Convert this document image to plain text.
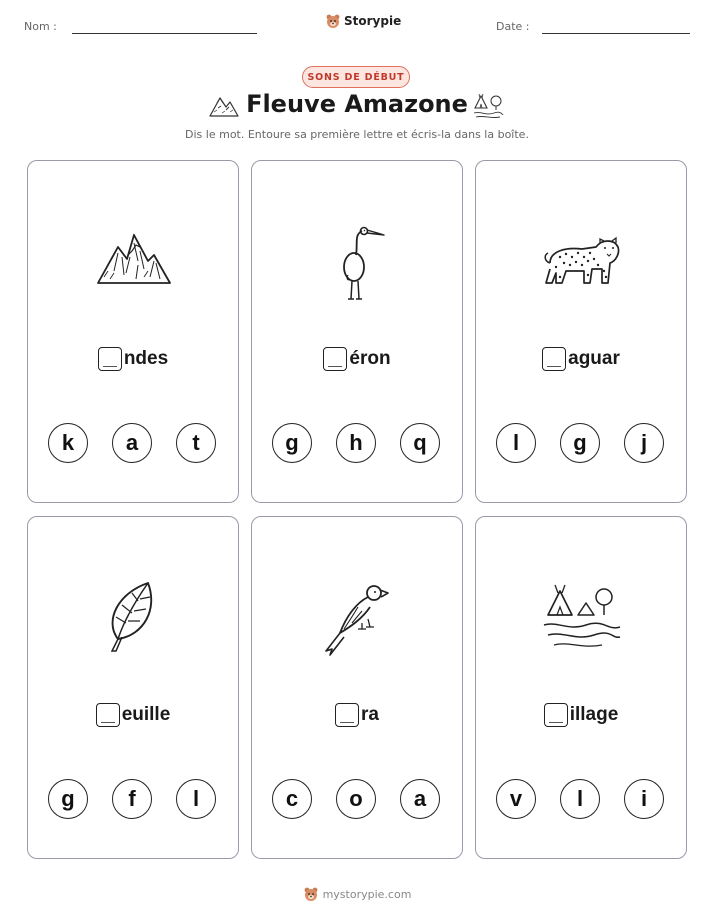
Nom :	Storypie	Date :
SONS DE DÉBUT
Fleuve Amazone
Dis le mot. Entoure sa première lettre et écris-la dans la boîte.
ndes
k	a	t
éron
g	h	q
aguar
l	g	j
euille
g	f	l
ra
c	o	a
illage
v	l	i
mystorypie.com
